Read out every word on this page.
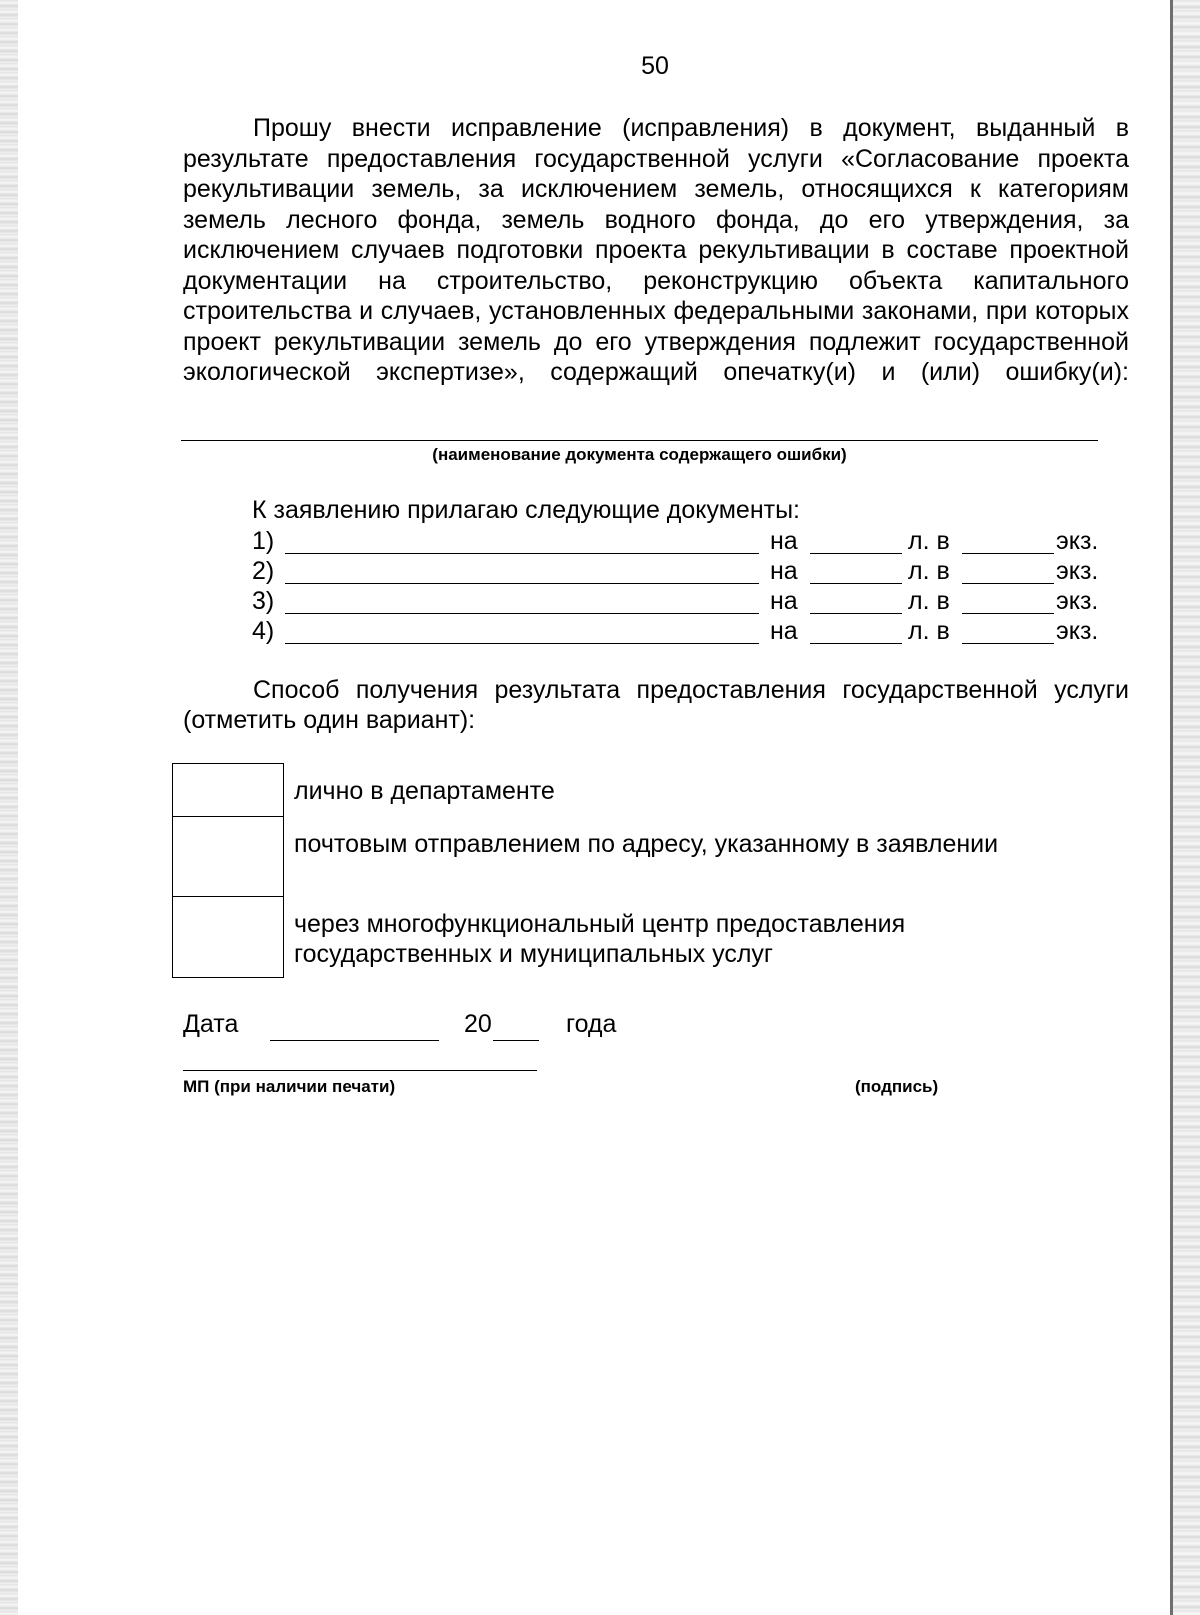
50

Прошу внести исправление (исправления) в документ, выданный в результате предоставления государственной услуги «Согласование проекта рекультивации земель, за исключением земель, относящихся к категориям земель лесного фонда, земель водного фонда, до его утверждения, за исключением случаев подготовки проекта рекультивации в составе проектной документации на строительство, реконструкцию объекта капитального строительства и случаев, установленных федеральными законами, при которых проект рекультивации земель до его утверждения подлежит государственной экологической экспертизе», содержащий опечатку(и) и (или) ошибку(и):

(наименование документа содержащего ошибки)
К заявлению прилагаю следующие документы:
1)	на	л. в	экз.
2)	на	л. в	экз.
3)	на	л. в	экз.
4)	на	л. в	экз.

Способ получения результата предоставления государственной услуги (отметить один вариант):

лично в департаменте
почтовым отправлением по адресу, указанному в заявлении
через многофункциональный центр предоставления государственных и муниципальных услуг
Дата	20	года
МП (при наличии печати)	(подпись)
